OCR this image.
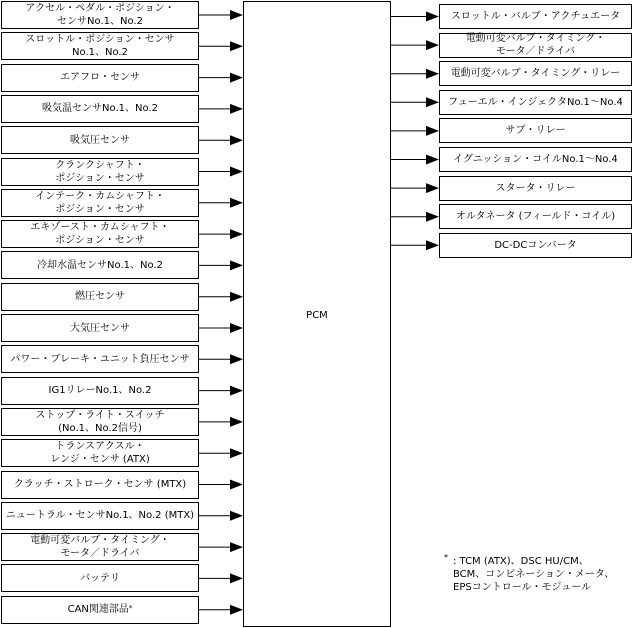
PCM
アクセル・ペダル・ポジション・
センサNo.1、No.2
スロットル・ポジション・センサ
No.1、No.2
エアフロ・センサ
吸気温センサNo.1、No.2
吸気圧センサ
クランクシャフト・
ポジション・センサ
インテーク・カムシャフト・
ポジション・センサ
エキゾースト・カムシャフト・
ポジション・センサ
冷却水温センサNo.1、No.2
燃圧センサ
大気圧センサ
パワー・ブレーキ・ユニット負圧センサ
IG1リレーNo.1、No.2
ストップ・ライト・スイッチ
(No.1、No.2信号)
トランスアクスル・
レンジ・センサ (ATX)
クラッチ・ストローク・センサ (MTX)
ニュートラル・センサNo.1、No.2 (MTX)
電動可変バルブ・タイミング・
モータ／ドライバ
バッテリ
CAN関連部品*
スロットル・バルブ・アクチュエータ
電動可変バルブ・タイミング・
モータ／ドライバ
電動可変バルブ・タイミング・リレー
フューエル・インジェクタNo.1～No.4
サブ・リレー
イグニッション・コイルNo.1～No.4
スタータ・リレー
オルタネータ (フィールド・コイル)
DC-DCコンバータ
* : TCM (ATX)、DSC HU/CM、
BCM、コンビネーション・メータ、
EPSコントロール・モジュール
